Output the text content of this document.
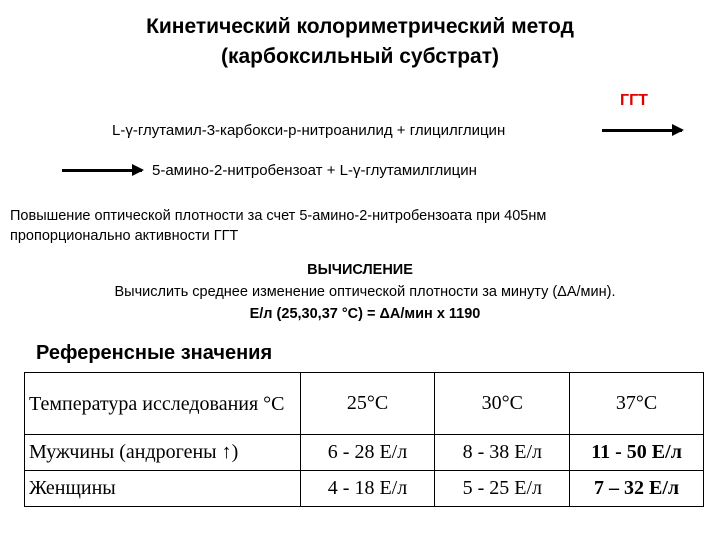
Кинетический колориметрический метод
(карбоксильный субстрат)
ГГТ
L-γ-глутамил-3-карбокси-p-нитроанилид + глицилглицин
5-амино-2-нитробензоат + L-γ-глутамилглицин
Повышение оптической плотности за счет 5-амино-2-нитробензоата при 405нм
пропорционально активности ГГТ
ВЫЧИСЛЕНИЕ
Вычислить среднее изменение оптической плотности за минуту (ΔA/мин).
Е/л (25,30,37 °C) = ΔA/мин х 1190
Референсные значения
Температура исследования °С	25°С	30°С	37°С
Мужчины (андрогены ↑)	6 - 28 Е/л	8 - 38 Е/л	11 - 50 Е/л
Женщины	4 - 18 Е/л	5 - 25 Е/л	7 – 32 Е/л
